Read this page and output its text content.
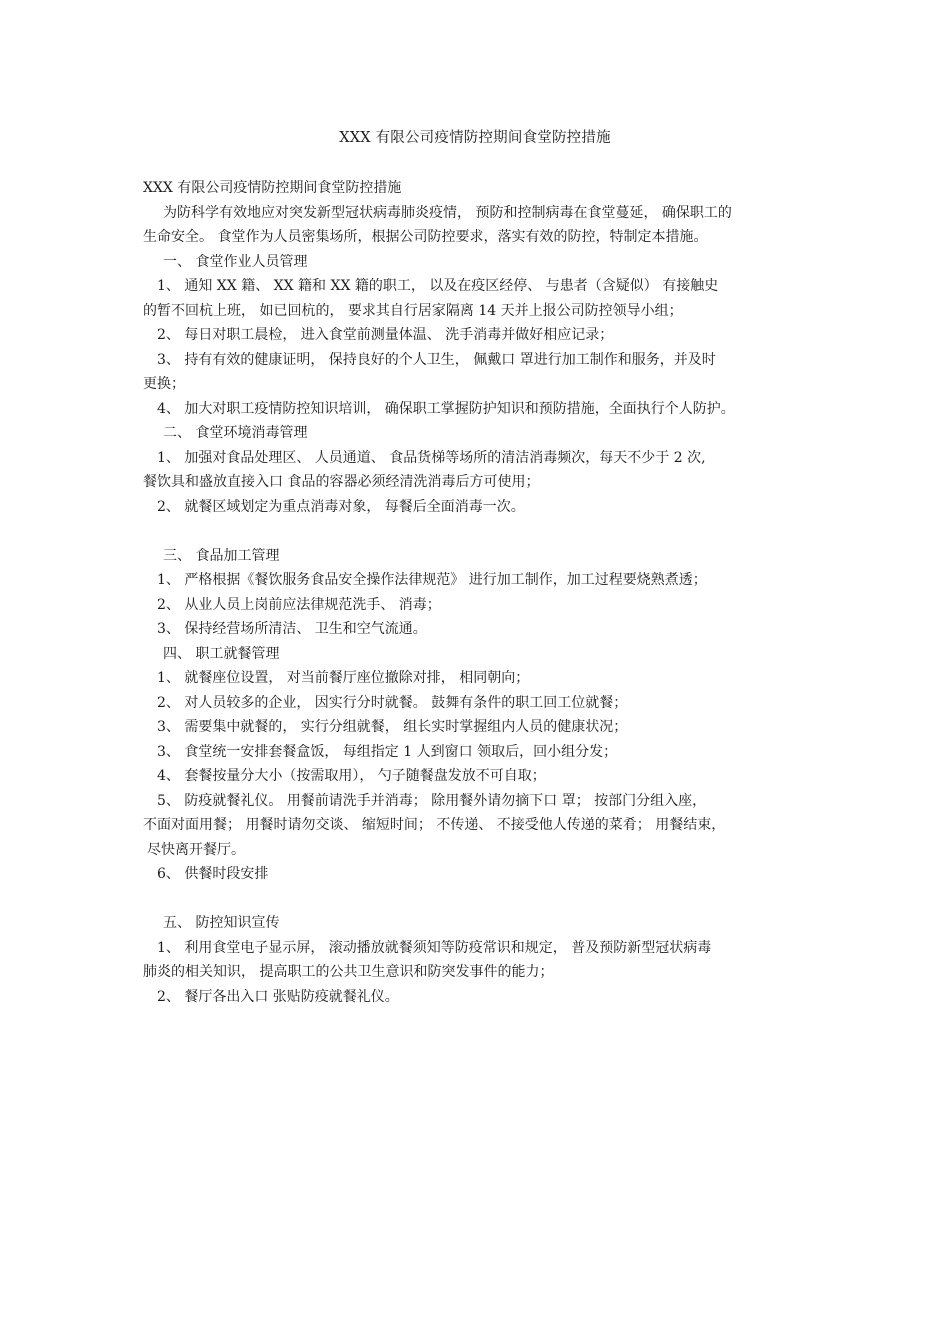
XXX 有限公司疫情防控期间食堂防控措施
XXX 有限公司疫情防控期间食堂防控措施
为防科学有效地应对突发新型冠状病毒肺炎疫情， 预防和控制病毒在食堂蔓延， 确保职工的
生命安全。 食堂作为人员密集场所，根据公司防控要求，落实有效的防控，特制定本措施。
一、 食堂作业人员管理
1、 通知 XX 籍、 XX 籍和 XX 籍的职工， 以及在疫区经停、 与患者（含疑似） 有接触史
的暂不回杭上班， 如已回杭的， 要求其自行居家隔离 14 天并上报公司防控领导小组；
2、 每日对职工晨检， 进入食堂前测量体温、 洗手消毒并做好相应记录；
3、 持有有效的健康证明， 保持良好的个人卫生， 佩戴口 罩进行加工制作和服务，并及时
更换；
4、 加大对职工疫情防控知识培训， 确保职工掌握防护知识和预防措施，全面执行个人防护。
二、 食堂环境消毒管理
1、 加强对食品处理区、 人员通道、 食品货梯等场所的清洁消毒频次，每天不少于 2 次,
餐饮具和盛放直接入口 食品的容器必须经清洗消毒后方可使用；
2、 就餐区域划定为重点消毒对象， 每餐后全面消毒一次。
三、 食品加工管理
1、 严格根据《餐饮服务食品安全操作法律规范》 进行加工制作，加工过程要烧熟煮透；
2、 从业人员上岗前应法律规范洗手、 消毒；
3、 保持经营场所清洁、 卫生和空气流通。
四、 职工就餐管理
1、 就餐座位设置， 对当前餐厅座位撤除对排， 相同朝向；
2、 对人员较多的企业， 因实行分时就餐。 鼓舞有条件的职工回工位就餐；
3、 需要集中就餐的， 实行分组就餐， 组长实时掌握组内人员的健康状况；
3、 食堂统一安排套餐盒饭， 每组指定 1 人到窗口 领取后，回小组分发；
4、 套餐按量分大小（按需取用）， 勺子随餐盘发放不可自取；
5、 防疫就餐礼仪。 用餐前请洗手并消毒； 除用餐外请勿摘下口 罩； 按部门分组入座，
不面对面用餐； 用餐时请勿交谈、 缩短时间； 不传递、 不接受他人传递的菜肴； 用餐结束，
尽快离开餐厅。
6、 供餐时段安排
五、 防控知识宣传
1、 利用食堂电子显示屏， 滚动播放就餐须知等防疫常识和规定， 普及预防新型冠状病毒
肺炎的相关知识， 提高职工的公共卫生意识和防突发事件的能力；
2、 餐厅各出入口 张贴防疫就餐礼仪。
